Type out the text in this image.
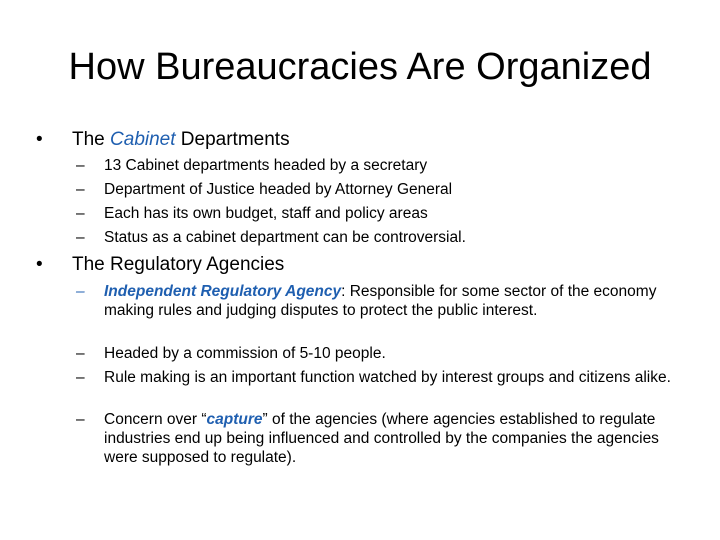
How Bureaucracies Are Organized
• The Cabinet Departments
– 13 Cabinet departments headed by a secretary
– Department of Justice headed by Attorney General
– Each has its own budget, staff and policy areas
– Status as a cabinet department can be controversial.
• The Regulatory Agencies
– Independent Regulatory Agency: Responsible for some sector of the economy making rules and judging disputes to protect the public interest.
– Headed by a commission of 5-10 people.
– Rule making is an important function watched by interest groups and citizens alike.
– Concern over “capture” of the agencies (where agencies established to regulate industries end up being influenced and controlled by the companies the agencies were supposed to regulate).
